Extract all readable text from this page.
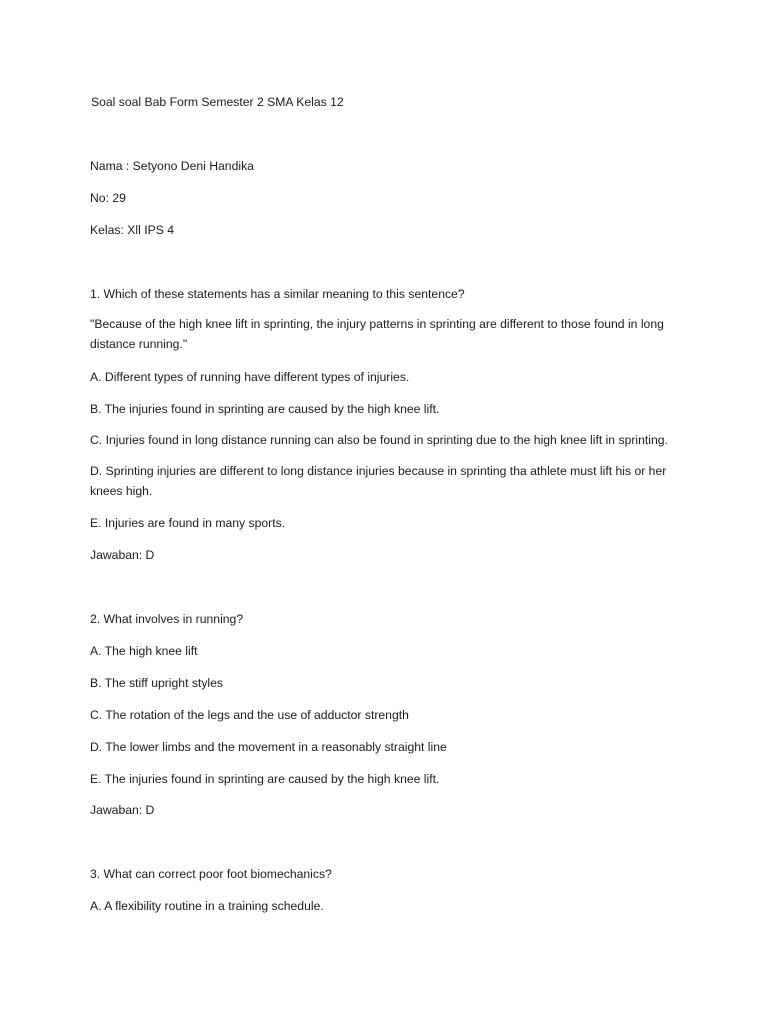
Soal soal Bab Form Semester 2 SMA Kelas 12

Nama : Setyono Deni Handika

No: 29

Kelas: Xll IPS 4

1. Which of these statements has a similar meaning to this sentence?

"Because of the high knee lift in sprinting, the injury patterns in sprinting are different to those found in long distance running."

A. Different types of running have different types of injuries.

B. The injuries found in sprinting are caused by the high knee lift.

C. Injuries found in long distance running can also be found in sprinting due to the high knee lift in sprinting.

D. Sprinting injuries are different to long distance injuries because in sprinting tha athlete must lift his or her knees high.

E. Injuries are found in many sports.

Jawaban: D

2. What involves in running?

A. The high knee lift

B. The stiff upright styles

C. The rotation of the legs and the use of adductor strength

D. The lower limbs and the movement in a reasonably straight line

E. The injuries found in sprinting are caused by the high knee lift.

Jawaban: D

3. What can correct poor foot biomechanics?

A. A flexibility routine in a training schedule.
